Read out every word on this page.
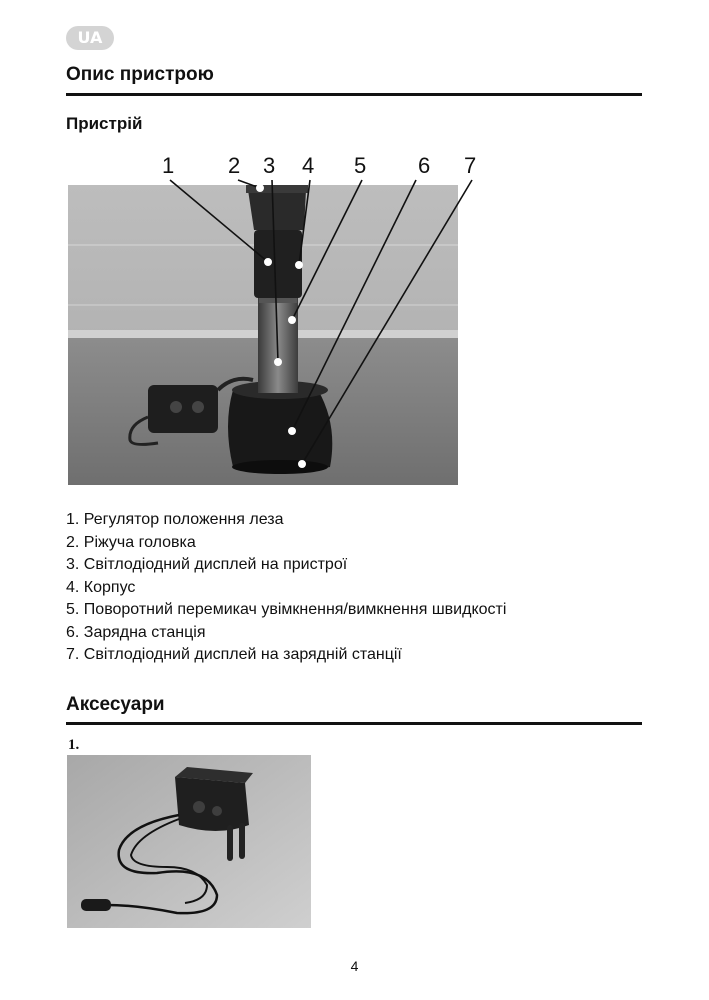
UA
Опис пристрою
Пристрій
1 2 3 4 5 6 7
1. Регулятор положення леза
2. Ріжуча головка
3. Світлодіодний дисплей на пристрої
4. Корпус
5. Поворотний перемикач увімкнення/вимкнення швидкості
6. Зарядна станція
7. Світлодіодний дисплей на зарядній станції
Аксесуари
1.
4
